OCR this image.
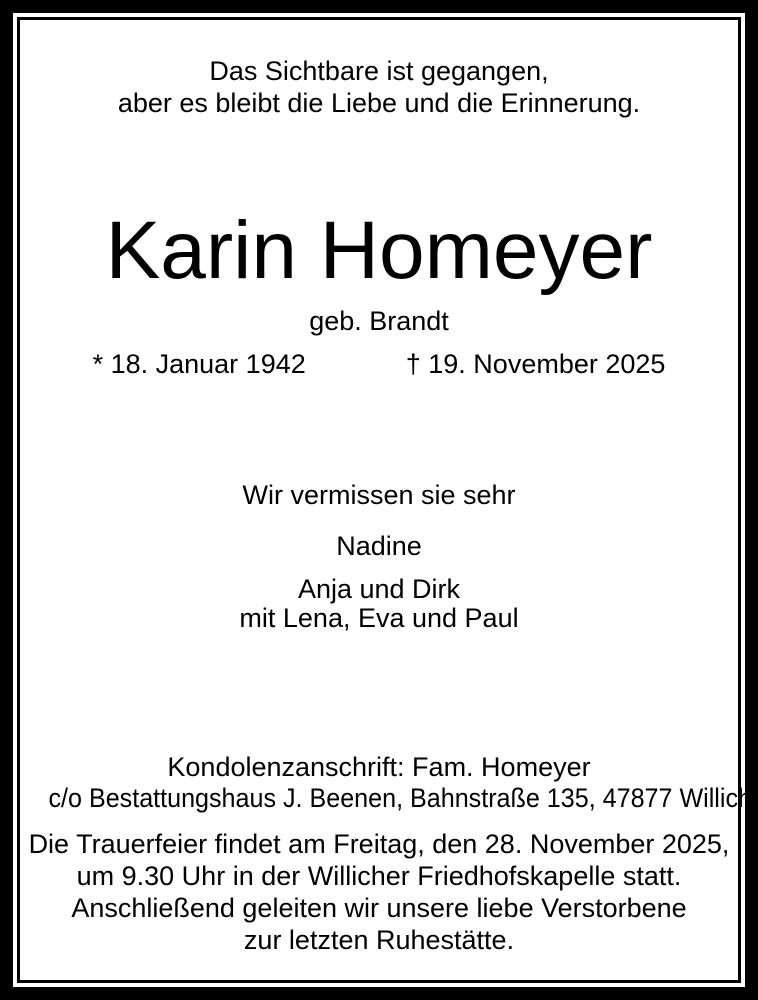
Das Sichtbare ist gegangen,
aber es bleibt die Liebe und die Erinnerung.
Karin Homeyer
geb. Brandt
* 18. Januar 1942	† 19. November 2025
Wir vermissen sie sehr
Nadine
Anja und Dirk
mit Lena, Eva und Paul
Kondolenzanschrift: Fam. Homeyer
c/o Bestattungshaus J. Beenen, Bahnstraße 135, 47877 Willich
Die Trauerfeier findet am Freitag, den 28. November 2025,
um 9.30 Uhr in der Willicher Friedhofskapelle statt.
Anschließend geleiten wir unsere liebe Verstorbene
zur letzten Ruhestätte.
